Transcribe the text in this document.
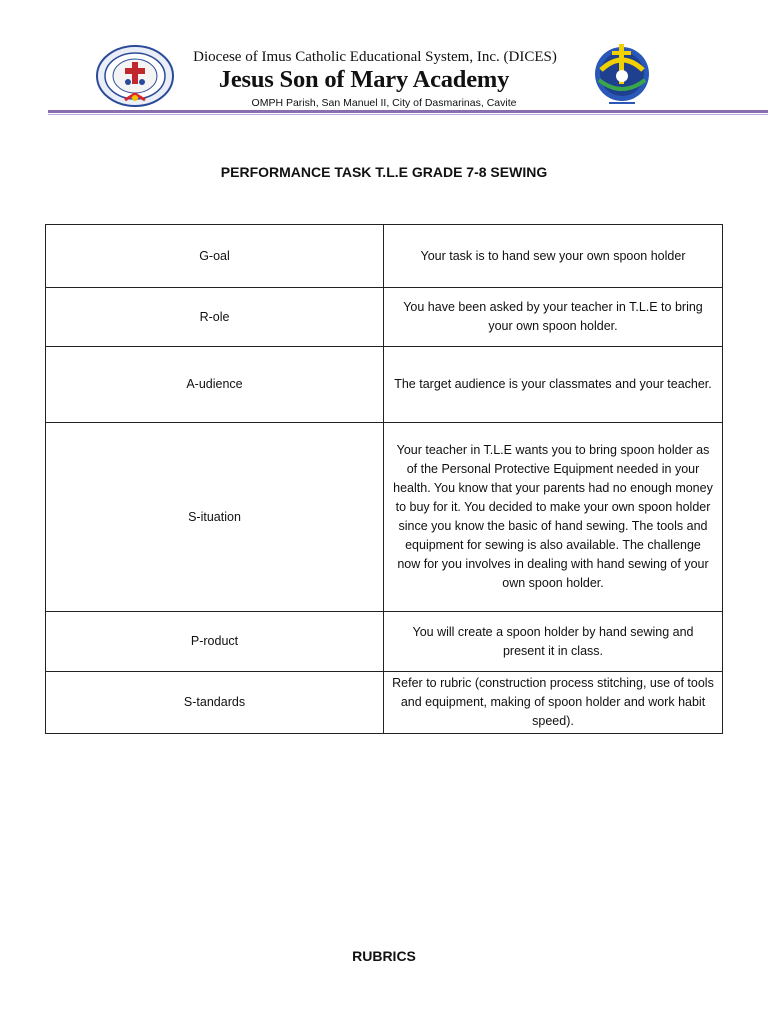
Diocese of Imus Catholic Educational System, Inc. (DICES)
Jesus Son of Mary Academy
OMPH Parish, San Manuel II, City of Dasmarinas, Cavite
PERFORMANCE TASK T.L.E GRADE 7-8 SEWING
G-oal	Your task is to hand sew your own spoon holder
R-ole	You have been asked by your teacher in T.L.E to bring your own spoon holder.
A-udience	The target audience is your classmates and your teacher.
S-ituation	Your teacher in T.L.E wants you to bring spoon holder as of the Personal Protective Equipment needed in your health. You know that your parents had no enough money to buy for it. You decided to make your own spoon holder since you know the basic of hand sewing. The tools and equipment for sewing is also available. The challenge now for you involves in dealing with hand sewing of your own spoon holder.
P-roduct	You will create a spoon holder by hand sewing and present it in class.
S-tandards	Refer to rubric (construction process stitching, use of tools and equipment, making of spoon holder and work habit speed).
RUBRICS
